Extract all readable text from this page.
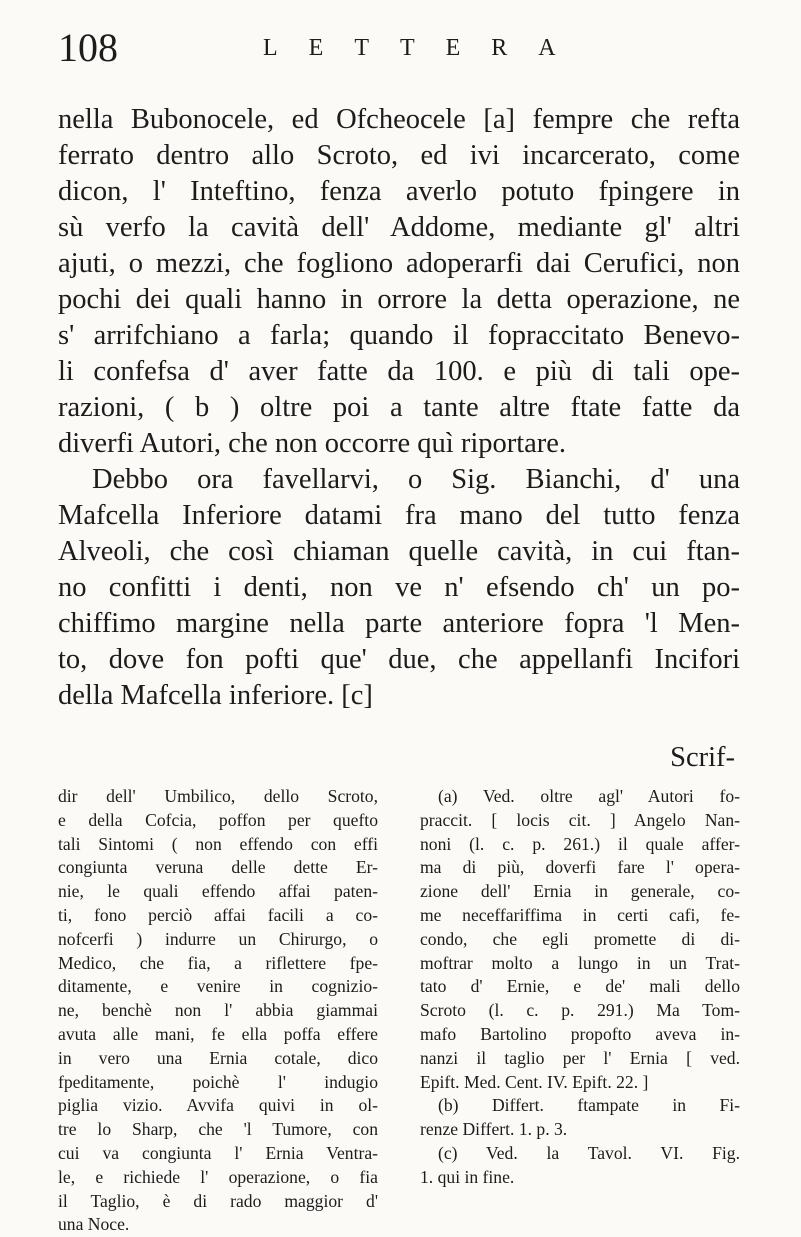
108	LETTERA
nella Bubonocele, ed Ofcheocele [a] fempre che refta
ferrato dentro allo Scroto, ed ivi incarcerato, come
dicon, l' Inteftino, fenza averlo potuto fpingere in
sù verfo la cavità dell' Addome, mediante gl' altri
ajuti, o mezzi, che fogliono adoperarfi dai Cerufici, non
pochi dei quali hanno in orrore la detta operazione, ne
s' arrifchiano a farla; quando il fopraccitato Benevo-
li confefsa d' aver fatte da 100. e più di tali ope-
razioni, ( b ) oltre poi a tante altre ftate fatte da
diverfi Autori, che non occorre quì riportare.
Debbo ora favellarvi, o Sig. Bianchi, d' una
Mafcella Inferiore datami fra mano del tutto fenza
Alveoli, che così chiaman quelle cavità, in cui ftan-
no confitti i denti, non ve n' efsendo ch' un po-
chiffimo margine nella parte anteriore fopra 'l Men-
to, dove fon pofti que' due, che appellanfi Incifori
della Mafcella inferiore. [c]
Scrif-
dir dell' Umbilico, dello Scroto,
e della Cofcia, poffon per quefto
tali Sintomi ( non effendo con effi
congiunta veruna delle dette Er-
nie, le quali effendo affai paten-
ti, fono perciò affai facili a co-
nofcerfi ) indurre un Chirurgo, o
Medico, che fia, a riflettere fpe-
ditamente, e venire in cognizio-
ne, benchè non l' abbia giammai
avuta alle mani, fe ella poffa effere
in vero una Ernia cotale, dico
fpeditamente, poichè l' indugio
piglia vizio. Avvifa quivi in ol-
tre lo Sharp, che 'l Tumore, con
cui va congiunta l' Ernia Ventra-
le, e richiede l' operazione, o fia
il Taglio, è di rado maggior d'
una Noce.
(a) Ved. oltre agl' Autori fo-
praccit. [ locis cit. ] Angelo Nan-
noni (l. c. p. 261.) il quale affer-
ma di più, doverfi fare l' opera-
zione dell' Ernia in generale, co-
me neceffariffima in certi cafi, fe-
condo, che egli promette di di-
moftrar molto a lungo in un Trat-
tato d' Ernie, e de' mali dello
Scroto (l. c. p. 291.) Ma Tom-
mafo Bartolino propofto aveva in-
nanzi il taglio per l' Ernia [ ved.
Epift. Med. Cent. IV. Epift. 22. ]
(b) Differt. ftampate in Fi-
renze Differt. 1. p. 3.
(c) Ved. la Tavol. VI. Fig.
1. qui in fine.
